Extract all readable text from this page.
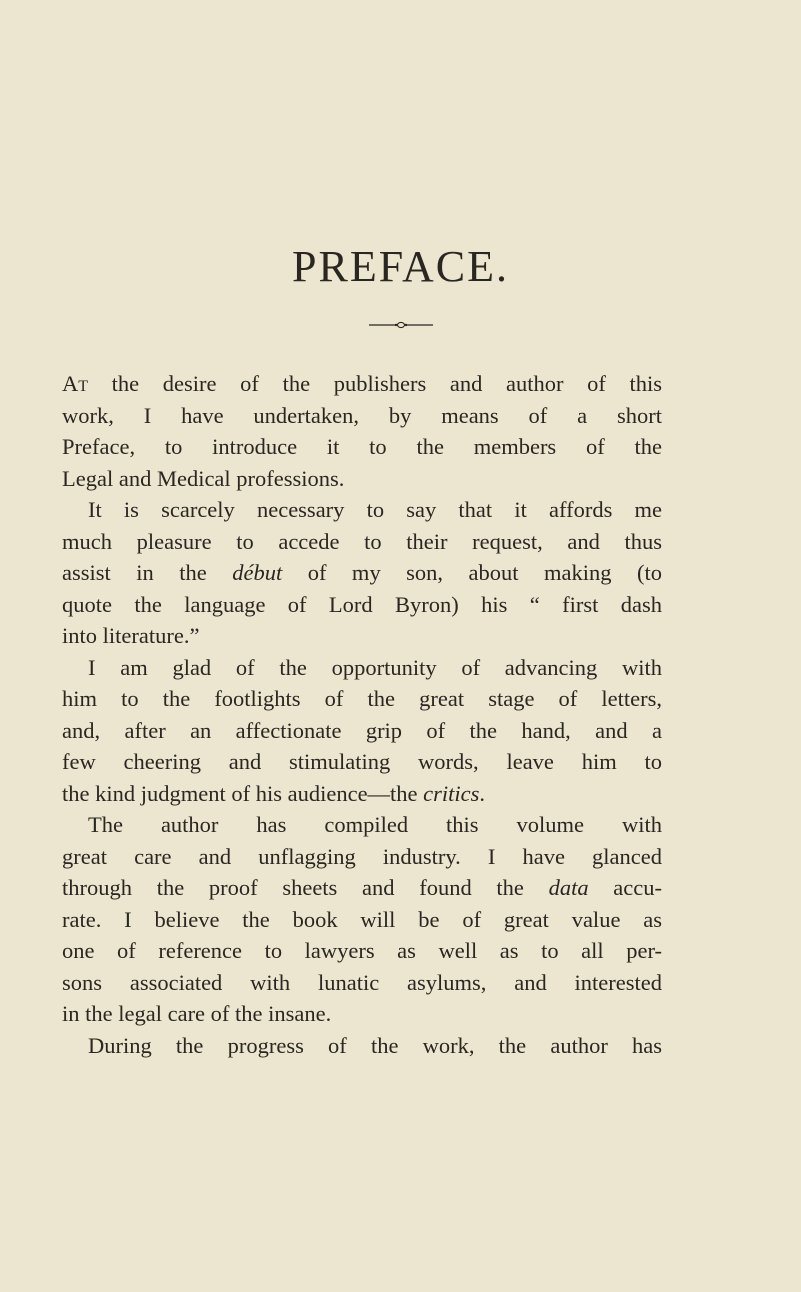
PREFACE.
At the desire of the publishers and author of this
work, I have undertaken, by means of a short
Preface, to introduce it to the members of the
Legal and Medical professions.
It is scarcely necessary to say that it affords me
much pleasure to accede to their request, and thus
assist in the début of my son, about making (to
quote the language of Lord Byron) his “ first dash
into literature.”
I am glad of the opportunity of advancing with
him to the footlights of the great stage of letters,
and, after an affectionate grip of the hand, and a
few cheering and stimulating words, leave him to
the kind judgment of his audience—the critics.
The author has compiled this volume with
great care and unflagging industry. I have glanced
through the proof sheets and found the data accu-
rate. I believe the book will be of great value as
one of reference to lawyers as well as to all per-
sons associated with lunatic asylums, and interested
in the legal care of the insane.
During the progress of the work, the author has
